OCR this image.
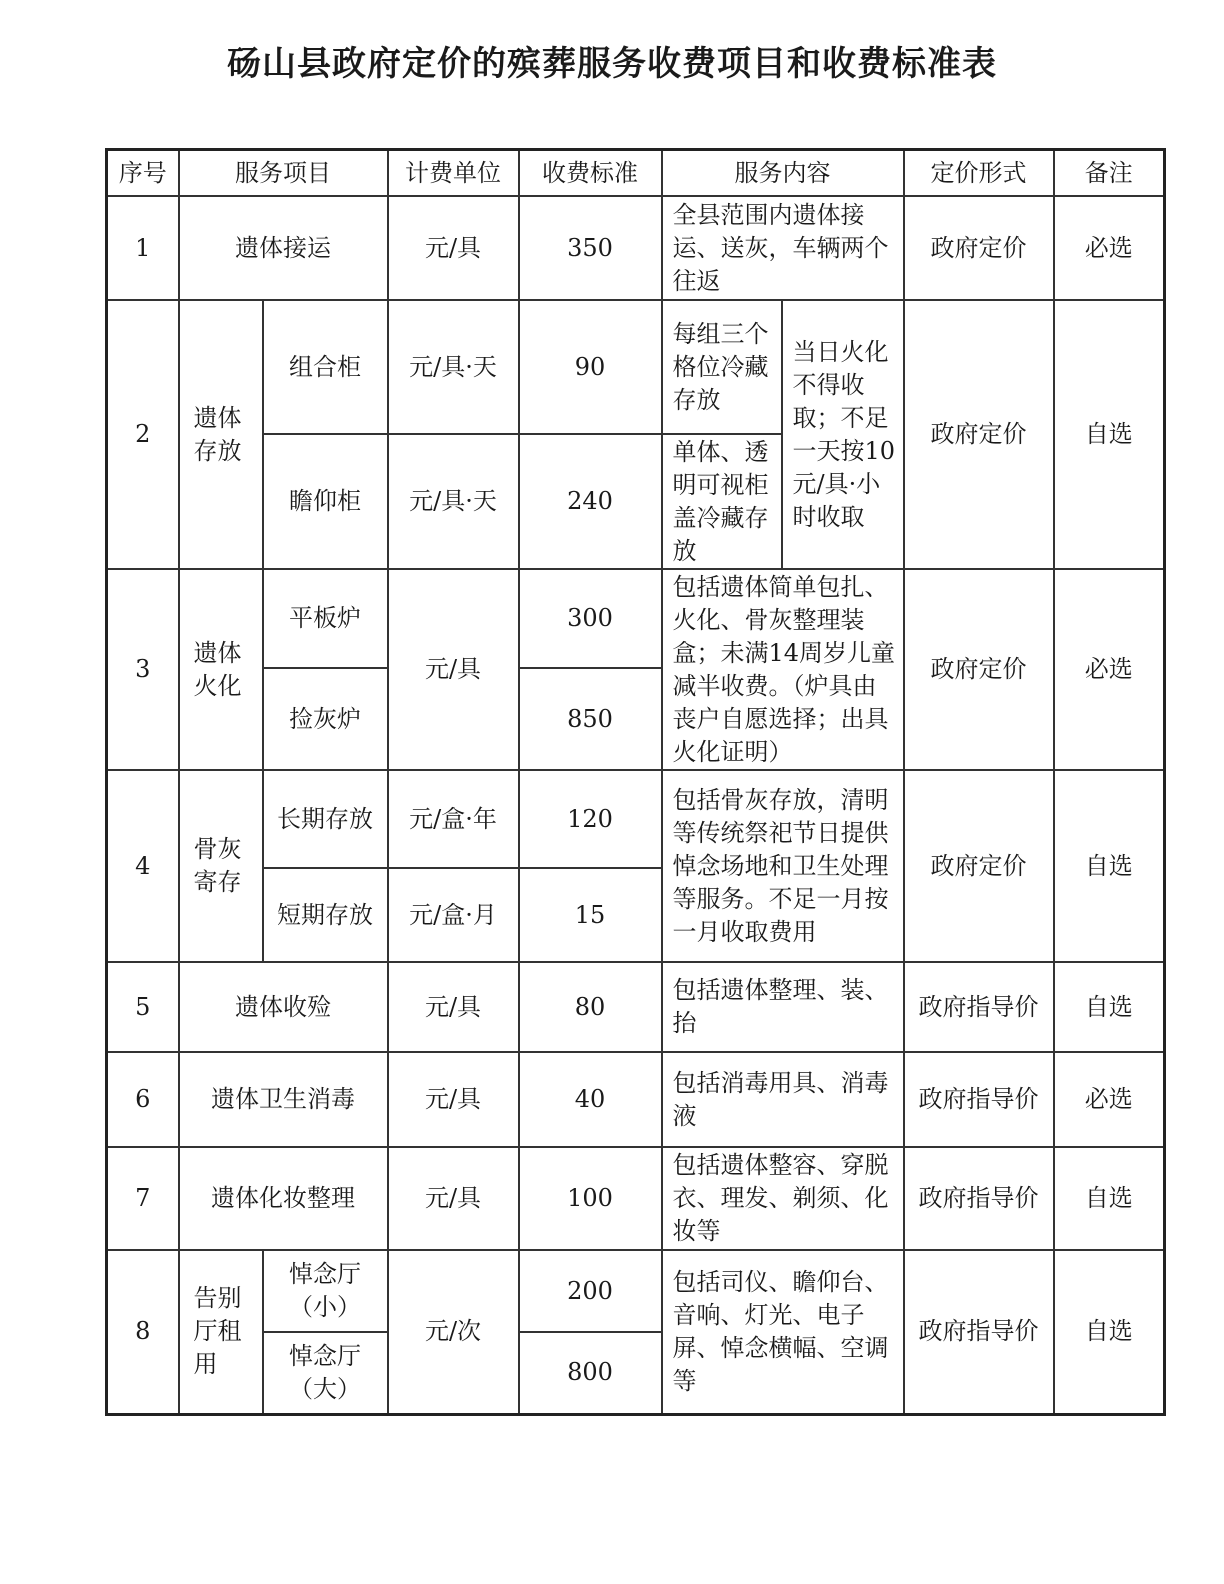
砀山县政府定价的殡葬服务收费项目和收费标准表
序号	服务项目		计费单位	收费标准	服务内容		定价形式	备注
1	遗体接运		元/具	350	全县范围内遗体接运、送灰，车辆两个往返		政府定价	必选
2	遗体存放	组合柜	元/具·天	90	每组三个格位冷藏存放	当日火化不得收取；不足一天按10元/具·小时收取	政府定价	自选
		瞻仰柜	元/具·天	240	单体、透明可视柜盖冷藏存放			
3	遗体火化	平板炉	元/具	300	包括遗体简单包扎、火化、骨灰整理装盒；未满14周岁儿童减半收费。（炉具由丧户自愿选择；出具火化证明）		政府定价	必选
		捡灰炉		850				
4	骨灰寄存	长期存放	元/盒·年	120	包括骨灰存放，清明等传统祭祀节日提供悼念场地和卫生处理等服务。不足一月按一月收取费用		政府定价	自选
		短期存放	元/盒·月	15				
5	遗体收殓		元/具	80	包括遗体整理、装、抬		政府指导价	自选
6	遗体卫生消毒		元/具	40	包括消毒用具、消毒液		政府指导价	必选
7	遗体化妆整理		元/具	100	包括遗体整容、穿脱衣、理发、剃须、化妆等		政府指导价	自选
8	告别厅租用	悼念厅（小）	元/次	200	包括司仪、瞻仰台、音响、灯光、电子屏、悼念横幅、空调等		政府指导价	自选
		悼念厅（大）		800				
